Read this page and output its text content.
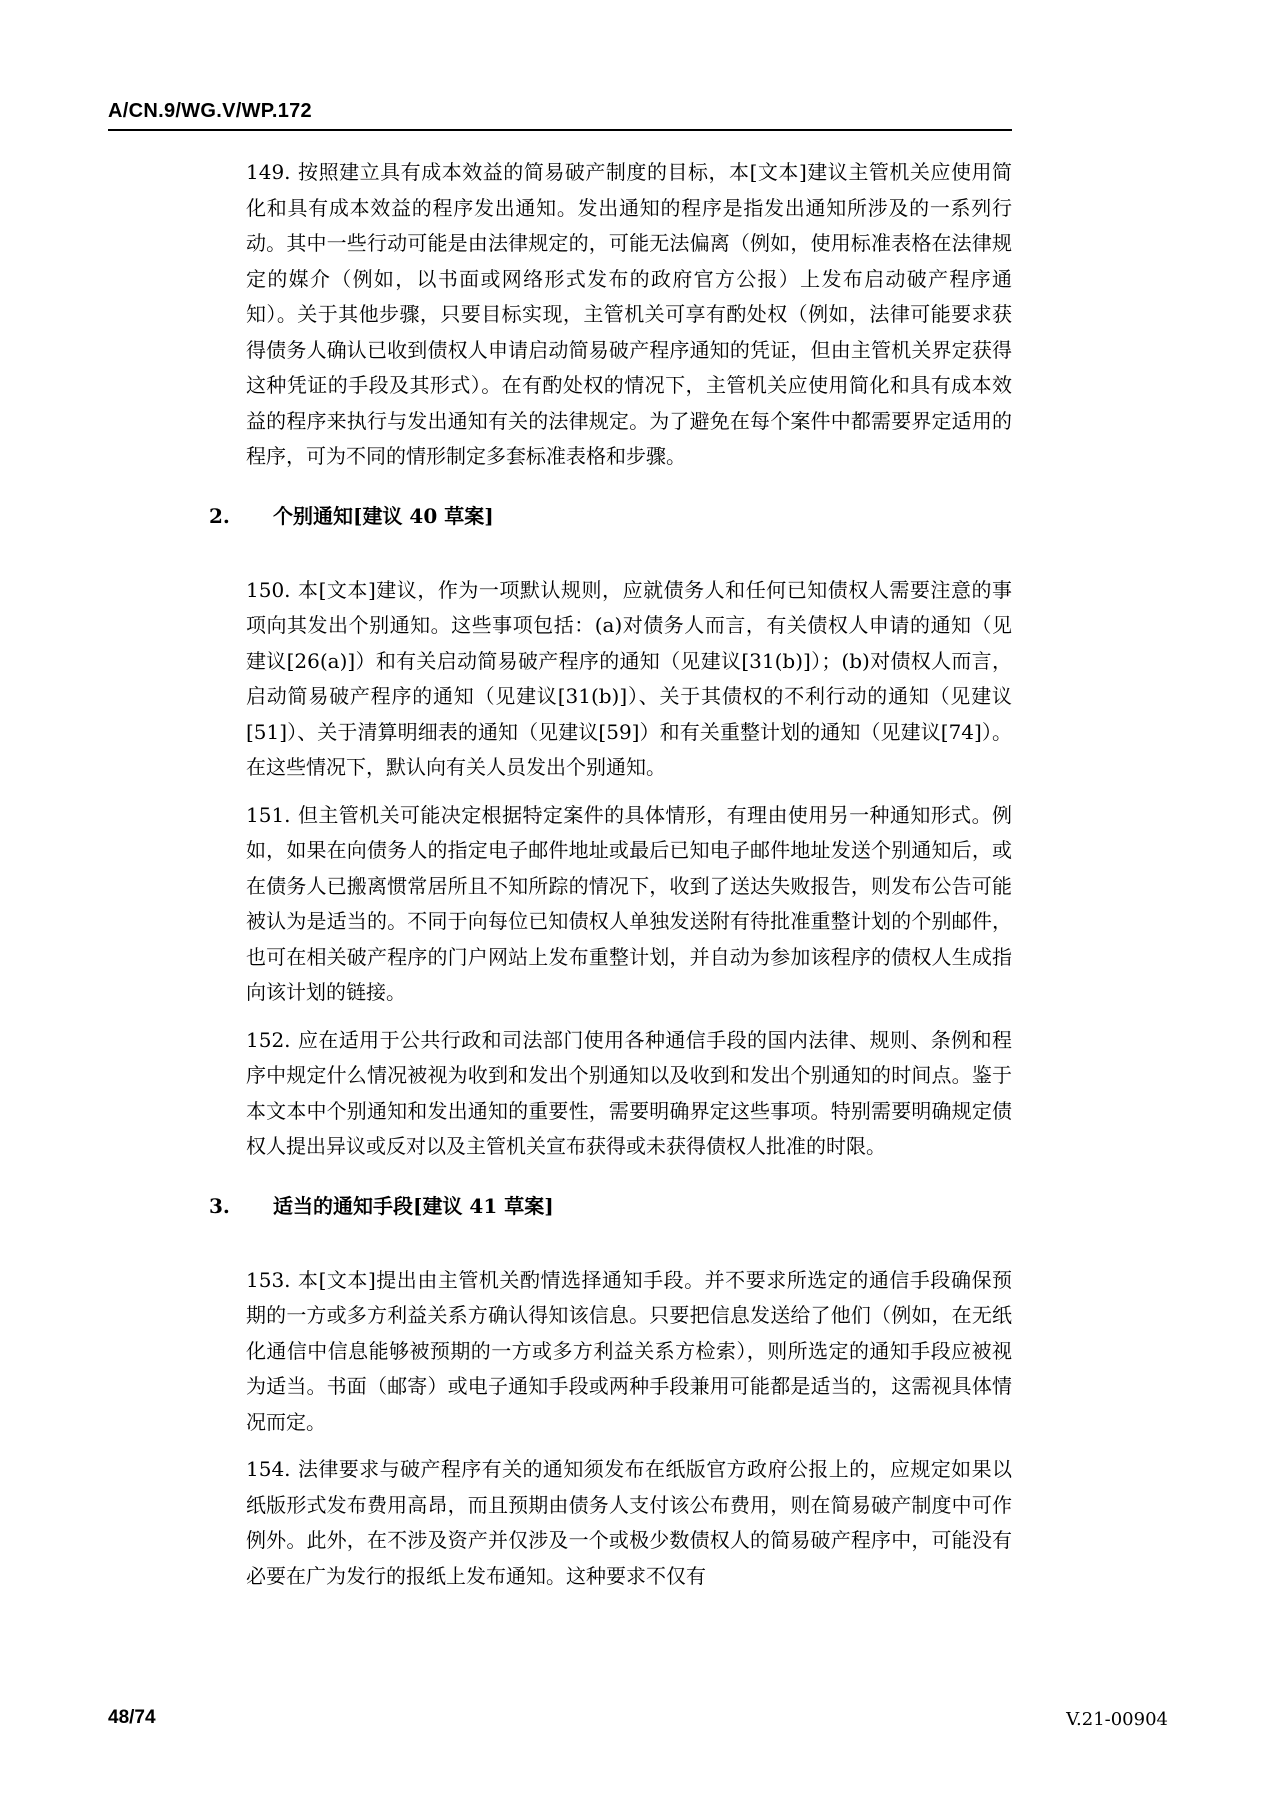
A/CN.9/WG.V/WP.172

149. 按照建立具有成本效益的简易破产制度的目标，本[文本]建议主管机关应使用简化和具有成本效益的程序发出通知。发出通知的程序是指发出通知所涉及的一系列行动。其中一些行动可能是由法律规定的，可能无法偏离（例如，使用标准表格在法律规定的媒介（例如，以书面或网络形式发布的政府官方公报）上发布启动破产程序通知）。关于其他步骤，只要目标实现，主管机关可享有酌处权（例如，法律可能要求获得债务人确认已收到债权人申请启动简易破产程序通知的凭证，但由主管机关界定获得这种凭证的手段及其形式）。在有酌处权的情况下，主管机关应使用简化和具有成本效益的程序来执行与发出通知有关的法律规定。为了避免在每个案件中都需要界定适用的程序，可为不同的情形制定多套标准表格和步骤。

2.	个别通知[建议 40 草案]

150. 本[文本]建议，作为一项默认规则，应就债务人和任何已知债权人需要注意的事项向其发出个别通知。这些事项包括：(a)对债务人而言，有关债权人申请的通知（见建议[26(a)]）和有关启动简易破产程序的通知（见建议[31(b)]）；(b)对债权人而言，启动简易破产程序的通知（见建议[31(b)]）、关于其债权的不利行动的通知（见建议[51]）、关于清算明细表的通知（见建议[59]）和有关重整计划的通知（见建议[74]）。在这些情况下，默认向有关人员发出个别通知。

151. 但主管机关可能决定根据特定案件的具体情形，有理由使用另一种通知形式。例如，如果在向债务人的指定电子邮件地址或最后已知电子邮件地址发送个别通知后，或在债务人已搬离惯常居所且不知所踪的情况下，收到了送达失败报告，则发布公告可能被认为是适当的。不同于向每位已知债权人单独发送附有待批准重整计划的个别邮件，也可在相关破产程序的门户网站上发布重整计划，并自动为参加该程序的债权人生成指向该计划的链接。

152. 应在适用于公共行政和司法部门使用各种通信手段的国内法律、规则、条例和程序中规定什么情况被视为收到和发出个别通知以及收到和发出个别通知的时间点。鉴于本文本中个别通知和发出通知的重要性，需要明确界定这些事项。特别需要明确规定债权人提出异议或反对以及主管机关宣布获得或未获得债权人批准的时限。

3.	适当的通知手段[建议 41 草案]

153. 本[文本]提出由主管机关酌情选择通知手段。并不要求所选定的通信手段确保预期的一方或多方利益关系方确认得知该信息。只要把信息发送给了他们（例如，在无纸化通信中信息能够被预期的一方或多方利益关系方检索），则所选定的通知手段应被视为适当。书面（邮寄）或电子通知手段或两种手段兼用可能都是适当的，这需视具体情况而定。

154. 法律要求与破产程序有关的通知须发布在纸版官方政府公报上的，应规定如果以纸版形式发布费用高昂，而且预期由债务人支付该公布费用，则在简易破产制度中可作例外。此外，在不涉及资产并仅涉及一个或极少数债权人的简易破产程序中，可能没有必要在广为发行的报纸上发布通知。这种要求不仅有

48/74	V.21-00904
